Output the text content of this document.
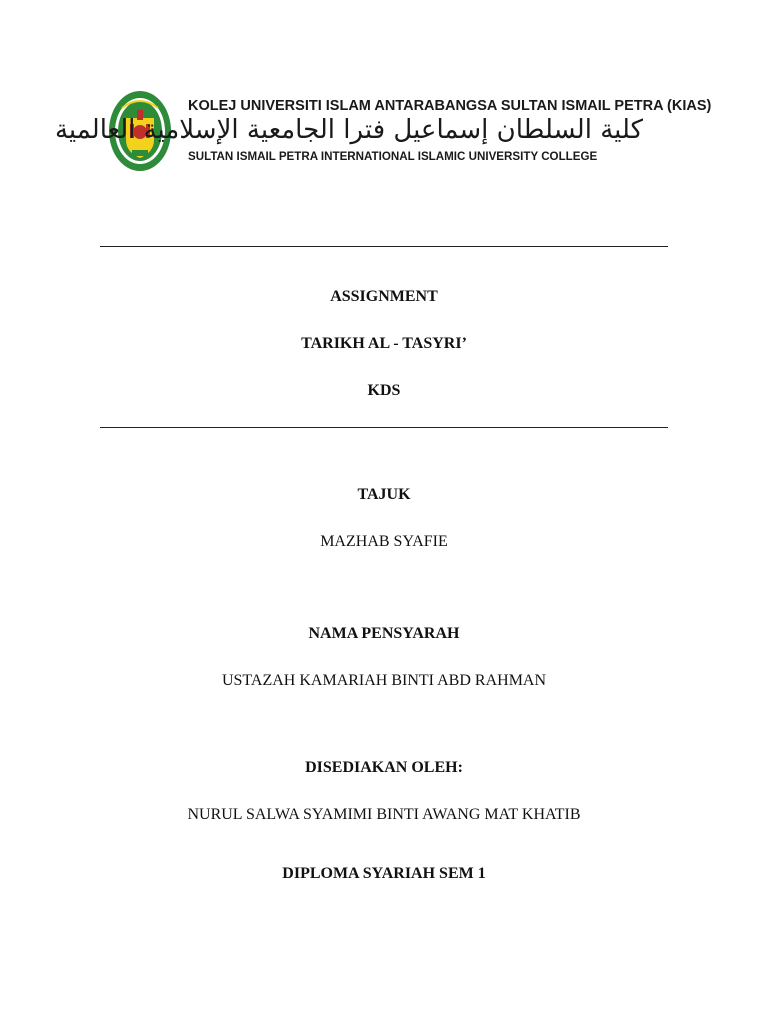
KOLEJ UNIVERSITI ISLAM ANTARABANGSA SULTAN ISMAIL PETRA (KIAS)
كلية السلطان إسماعيل فترا الجامعية الإسلامية العالمية
SULTAN ISMAIL PETRA INTERNATIONAL ISLAMIC UNIVERSITY COLLEGE
ASSIGNMENT
TARIKH AL - TASYRI’
KDS
TAJUK
MAZHAB SYAFIE
NAMA PENSYARAH
USTAZAH KAMARIAH BINTI ABD RAHMAN
DISEDIAKAN OLEH:
NURUL SALWA SYAMIMI BINTI AWANG MAT KHATIB
DIPLOMA SYARIAH SEM 1
